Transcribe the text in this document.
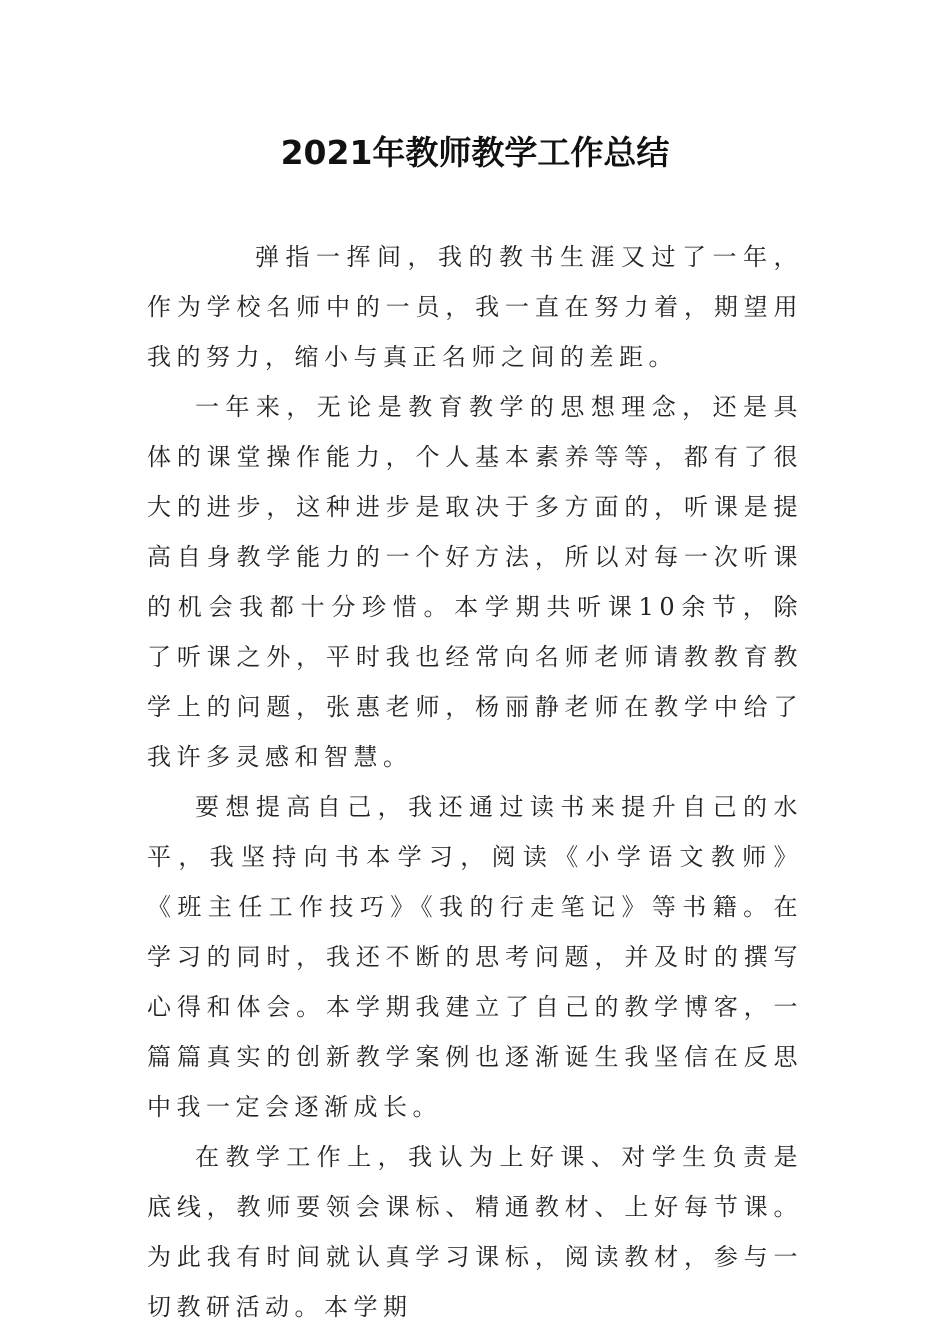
2021年教师教学工作总结

弹指一挥间，我的教书生涯又过了一年，作为学校名师中的一员，我一直在努力着，期望用我的努力，缩小与真正名师之间的差距。

一年来，无论是教育教学的思想理念，还是具体的课堂操作能力，个人基本素养等等，都有了很大的进步，这种进步是取决于多方面的，听课是提高自身教学能力的一个好方法，所以对每一次听课的机会我都十分珍惜。本学期共听课10余节，除了听课之外，平时我也经常向名师老师请教教育教学上的问题，张惠老师，杨丽静老师在教学中给了我许多灵感和智慧。

要想提高自己，我还通过读书来提升自己的水平，我坚持向书本学习，阅读《小学语文教师》《班主任工作技巧》《我的行走笔记》等书籍。在学习的同时，我还不断的思考问题，并及时的撰写心得和体会。本学期我建立了自己的教学博客，一篇篇真实的创新教学案例也逐渐诞生我坚信在反思中我一定会逐渐成长。

在教学工作上，我认为上好课、对学生负责是底线，教师要领会课标、精通教材、上好每节课。为此我有时间就认真学习课标，阅读教材，参与一切教研活动。本学期
